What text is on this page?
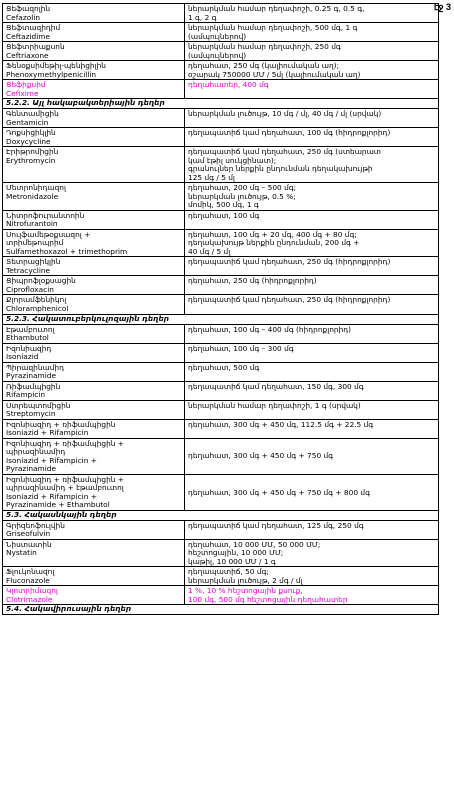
էջ 3
Ցեֆազոլին
Cefazolin	ներարկման համար դեղափոշի, 0.25 գ, 0.5 գ,
1 գ, 2 գ
Ցեֆտազիդիմ
Ceftazidime	ներարկման համար դեղափոշի, 500 մգ, 1 գ
(ամպուլներով)
Ցեֆտրիաքսոն
Ceftriaxone	ներարկման համար դեղափոշի, 250 մգ
(ամպուլներով)
Ֆենօքսիմեթիլ-պենիցիլին
Phenoxymethylpenicillin	դեղահատ, 250 մգ (կալիումական աղ);
օշարակ 750000 ՄՄ / 5մլ (կալիումական աղ)
Ցեֆիքսիմ
Cefixime	դեղահատեր, 400 մգ
5.2.2. Այլ հակաբակտերիային դեղեր	
Գենտամիցին
Gentamicin	ներարկման լուծույթ, 10 մգ / մլ, 40 մգ / մլ (սրվակ)
Դոքսիցիկլին
Doxycycline	դեղապատիճ կամ դեղահատ, 100 մգ (հիդրոքլորիդ)
Էրիթրոմիցին
Erythromycin	դեղապատիճ կամ դեղահատ, 250 մգ (ստեարատ
կամ էթիլ սուկցինատ);
գրանուլներ ներքին ընդունման դեղակախույթի
125 մգ / 5 մլ
Մետրոնիդազոլ
Metronidazole	դեղահատ, 200 մգ – 500 մգ;
ներարկման լուծույթ, 0.5 %;
մոմիկ, 500 մգ, 1 գ
Նիտրոֆուրանտոին
Nitrofurantoin	դեղահատ, 100 մգ
Սուլֆամեթօքսազոլ +
տրիմեթոպրիմ
Sulfamethoxazol + trimethoprim	դեղահատ, 100 մգ + 20 մգ, 400 մգ + 80 մգ;
դեղակախույթ ներքին ընդունման, 200 մգ +
40 մգ / 5 մլ
Տետրացիկլին
Tetracycline	դեղապատիճ կամ դեղահատ, 250 մգ (հիդրոքլորիդ)
Ցիպրոֆլօքսացին
Ciprofloxacin	դեղահատ, 250 մգ (հիդրոքլորիդ)
Քլորամֆենիկոլ
Chloramphenicol	դեղապատիճ կամ դեղահատ, 250 մգ (հիդրոքլորիդ)
5.2.3. Հակատուբերկուլոզային դեղեր	
Էթամբուտոլ
Ethambutol	դեղահատ, 100 մգ – 400 մգ (հիդրոքլորիդ)
Իզոնիազիդ
Isoniazid	դեղահատ, 100 մգ – 300 մգ
Պիրազինամիդ
Pyrazinamide	դեղահատ, 500 մգ
Ռիֆամպիցին
Rifampicin	դեղապատիճ կամ դեղահատ, 150 մգ, 300 մգ
Ստրեպտոմիցին
Streptomycin	ներարկման համար դեղափոշի, 1 գ (սրվակ)
Իզոնիազիդ + ռիֆամպիցին
Isoniazid + Rifampicin	դեղահատ, 300 մգ + 450 մգ, 112.5 մգ + 22.5 մգ
Իզոնիազիդ + ռիֆամպիցին +
պիրազինամիդ
Isoniazid + Rifampicin +
Pyrazinamide	դեղահատ, 300 մգ + 450 մգ + 750 մգ
Իզոնիազիդ + ռիֆամպիցին +
պիրազինամիդ + էթամբուտոլ
Isoniazid + Rifampicin +
Pyrazinamide + Ethambutol	դեղահատ, 300 մգ + 450 մգ + 750 մգ + 800 մգ
5.3. Հակասնկային դեղեր	
Գրիզեոֆուլվին
Griseofulvin	դեղապատիճ կամ դեղահատ, 125 մգ, 250 մգ
Նիստատին
Nystatin	դեղահատ, 10 000 ՄՄ, 50 000 ՄՄ;
հեշտոցային, 10 000 ՄՄ;
կաթիլ, 10 000 ՄՄ / 1 գ

Ֆլուկոնազոլ
Fluconazole	դեղապատիճ, 50 մգ;
ներարկման լուծույթ, 2 մգ / մլ
Կլոտրիմազոլ
Clotrimazole	1 %, 10 % հեշտոցային քսուք,
100 մգ, 500 մգ հեշտոցային դեղահատեր
5.4. Հակավիրուսային դեղեր	
